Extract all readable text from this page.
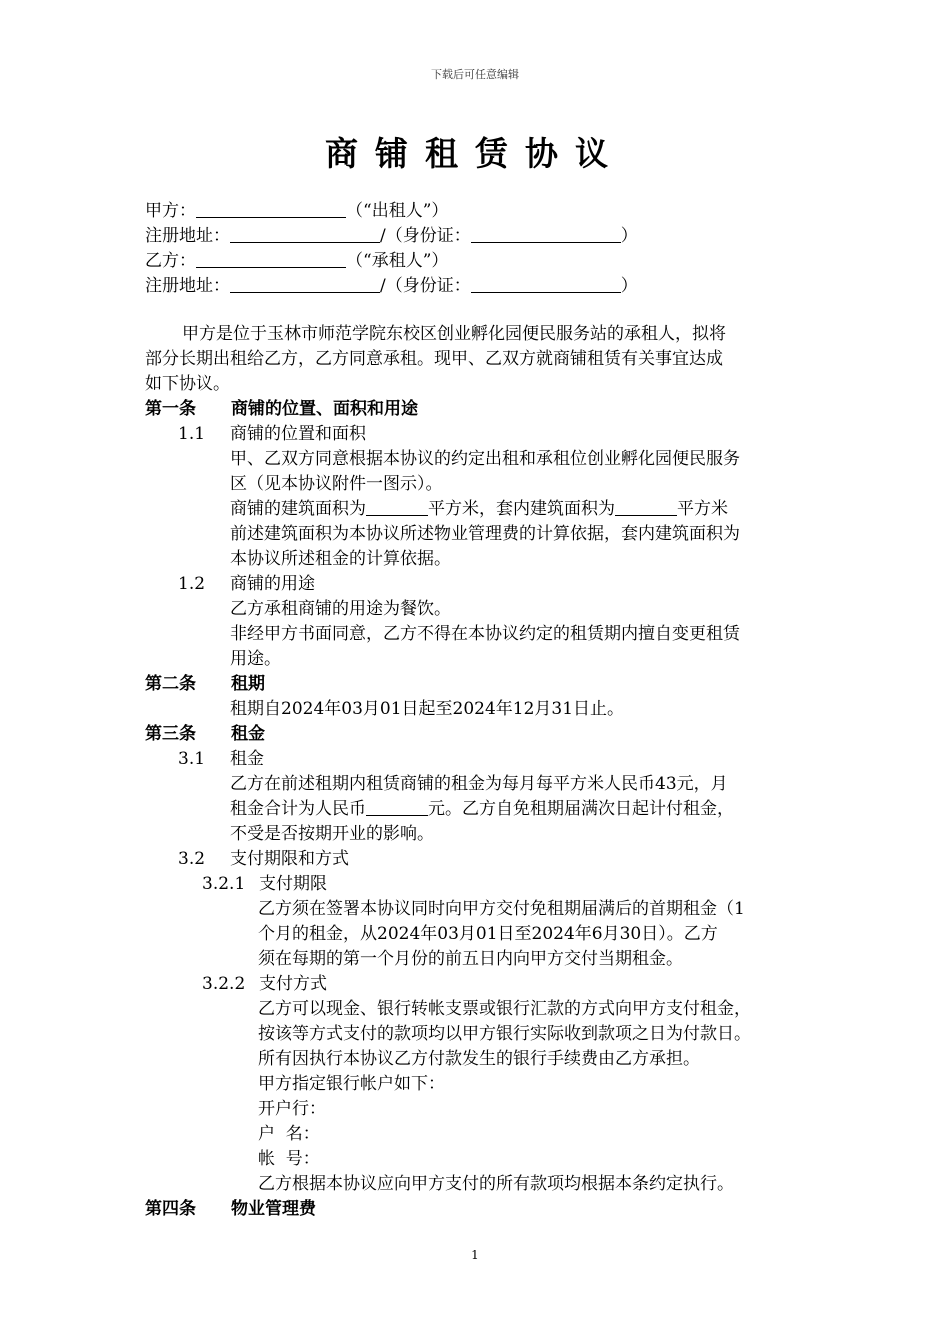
下载后可任意编辑
商铺租赁协议
甲方：	（“出租人”）
注册地址：	/（身份证：	）
乙方：	（“承租人”）
注册地址：	/（身份证：	）
甲方是位于玉林市师范学院东校区创业孵化园便民服务站的承租人，拟将
部分长期出租给乙方，乙方同意承租。现甲、乙双方就商铺租赁有关事宜达成
如下协议。
第一条 商铺的位置、面积和用途
1.1 商铺的位置和面积
甲、乙双方同意根据本协议的约定出租和承租位创业孵化园便民服务
区（见本协议附件一图示）。
商铺的建筑面积为	平方米，套内建筑面积为	平方米
前述建筑面积为本协议所述物业管理费的计算依据，套内建筑面积为
本协议所述租金的计算依据。
1.2 商铺的用途
乙方承租商铺的用途为餐饮。
非经甲方书面同意，乙方不得在本协议约定的租赁期内擅自变更租赁
用途。
第二条 租期
租期自2024年03月01日起至2024年12月31日止。
第三条 租金
3.1 租金
乙方在前述租期内租赁商铺的租金为每月每平方米人民币43元，月
租金合计为人民币	元。乙方自免租期届满次日起计付租金，
不受是否按期开业的影响。
3.2 支付期限和方式
3.2.1 支付期限
乙方须在签署本协议同时向甲方交付免租期届满后的首期租金（1
个月的租金，从2024年03月01日至2024年6月30日）。乙方
须在每期的第一个月份的前五日内向甲方交付当期租金。
3.2.2 支付方式
乙方可以现金、银行转帐支票或银行汇款的方式向甲方支付租金，
按该等方式支付的款项均以甲方银行实际收到款项之日为付款日。
所有因执行本协议乙方付款发生的银行手续费由乙方承担。
甲方指定银行帐户如下：
开户行：
户  名：
帐  号：
乙方根据本协议应向甲方支付的所有款项均根据本条约定执行。
第四条 物业管理费
1
